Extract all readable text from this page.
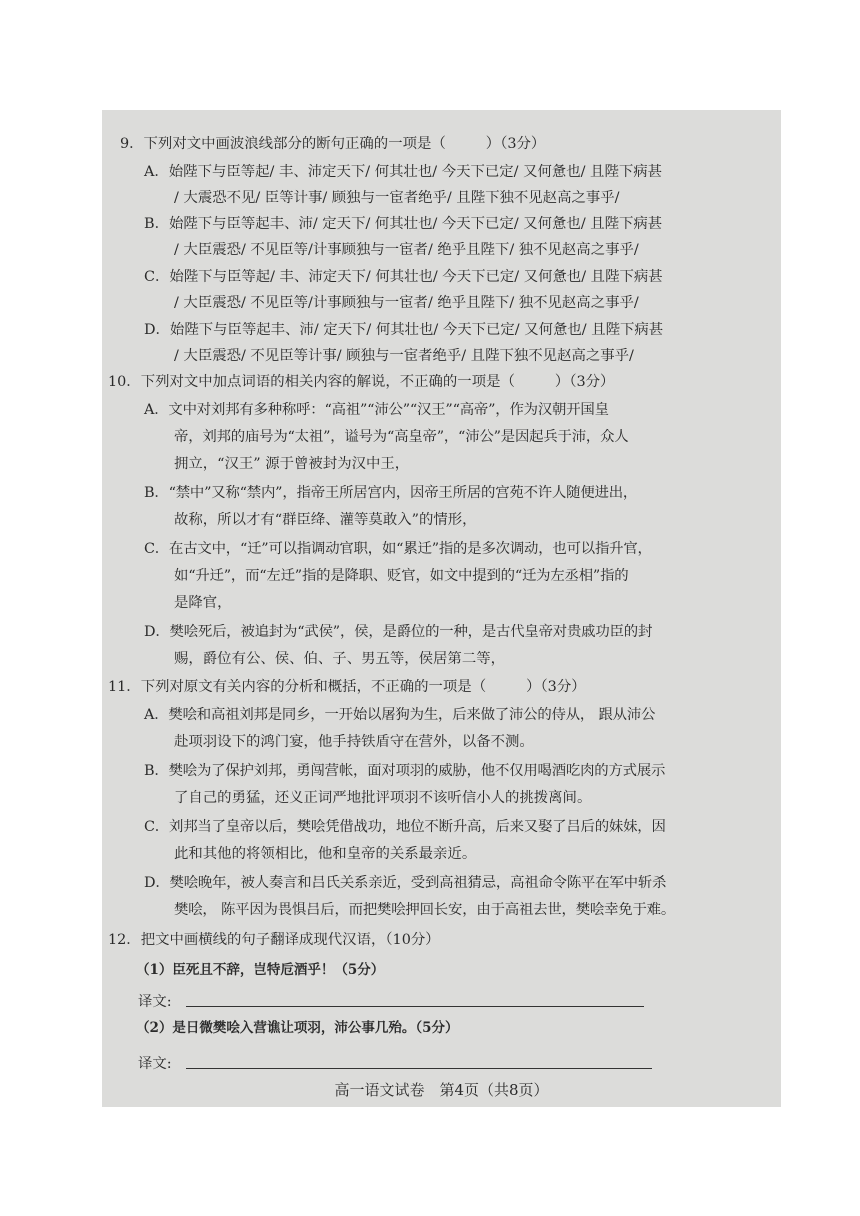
9．下列对文中画波浪线部分的断句正确的一项是（	）（3分）
A．始陛下与臣等起/ 丰、沛定天下/ 何其壮也/ 今天下已定/ 又何惫也/ 且陛下病甚
/ 大震恐不见/ 臣等计事/ 顾独与一宦者绝乎/ 且陛下独不见赵高之事乎/
B．始陛下与臣等起丰、沛/ 定天下/ 何其壮也/ 今天下已定/ 又何惫也/ 且陛下病甚
/ 大臣震恐/ 不见臣等/计事顾独与一宦者/ 绝乎且陛下/ 独不见赵高之事乎/
C．始陛下与臣等起/ 丰、沛定天下/ 何其壮也/ 今天下已定/ 又何惫也/ 且陛下病甚
/ 大臣震恐/ 不见臣等/计事顾独与一宦者/ 绝乎且陛下/ 独不见赵高之事乎/
D．始陛下与臣等起丰、沛/ 定天下/ 何其壮也/ 今天下已定/ 又何惫也/ 且陛下病甚
/ 大臣震恐/ 不见臣等计事/ 顾独与一宦者绝乎/ 且陛下独不见赵高之事乎/
10．下列对文中加点词语的相关内容的解说，不正确的一项是（	）（3分）
A．文中对刘邦有多种称呼：“高祖”“沛公”“汉王”“高帝”，作为汉朝开国皇
帝，刘邦的庙号为“太祖”，谥号为“高皇帝”，“沛公”是因起兵于沛，众人
拥立，“汉王” 源于曾被封为汉中王，
B．“禁中”又称“禁内”，指帝王所居宫内，因帝王所居的宫苑不许人随便进出，
故称，所以才有“群臣绛、灌等莫敢入”的情形，
C．在古文中，“迁”可以指调动官职，如“累迁”指的是多次调动，也可以指升官，
如“升迁”，而“左迁”指的是降职、贬官，如文中提到的“迁为左丞相”指的
是降官，
D．樊哙死后，被追封为“武侯”，侯，是爵位的一种，是古代皇帝对贵戚功臣的封
赐，爵位有公、侯、伯、子、男五等，侯居第二等，
11．下列对原文有关内容的分析和概括，不正确的一项是（	）（3分）
A．樊哙和高祖刘邦是同乡，一开始以屠狗为生，后来做了沛公的侍从， 跟从沛公
赴项羽设下的鸿门宴，他手持铁盾守在营外，以备不测。
B．樊哙为了保护刘邦，勇闯营帐，面对项羽的威胁，他不仅用喝酒吃肉的方式展示
了自己的勇猛，还义正词严地批评项羽不该听信小人的挑拨离间。
C．刘邦当了皇帝以后，樊哙凭借战功，地位不断升高，后来又娶了吕后的妹妹，因
此和其他的将领相比，他和皇帝的关系最亲近。
D．樊哙晚年，被人奏言和吕氏关系亲近，受到高祖猜忌，高祖命令陈平在军中斩杀
樊哙， 陈平因为畏惧吕后，而把樊哙押回长安，由于高祖去世，樊哙幸免于难。
12．把文中画横线的句子翻译成现代汉语，（10分）
（1）臣死且不辞，岂特卮酒乎！（5分）
译文:
（2）是日微樊哙入营谯让项羽，沛公事几殆。（5分）
译文:
高一语文试卷　第4页（共8页）
